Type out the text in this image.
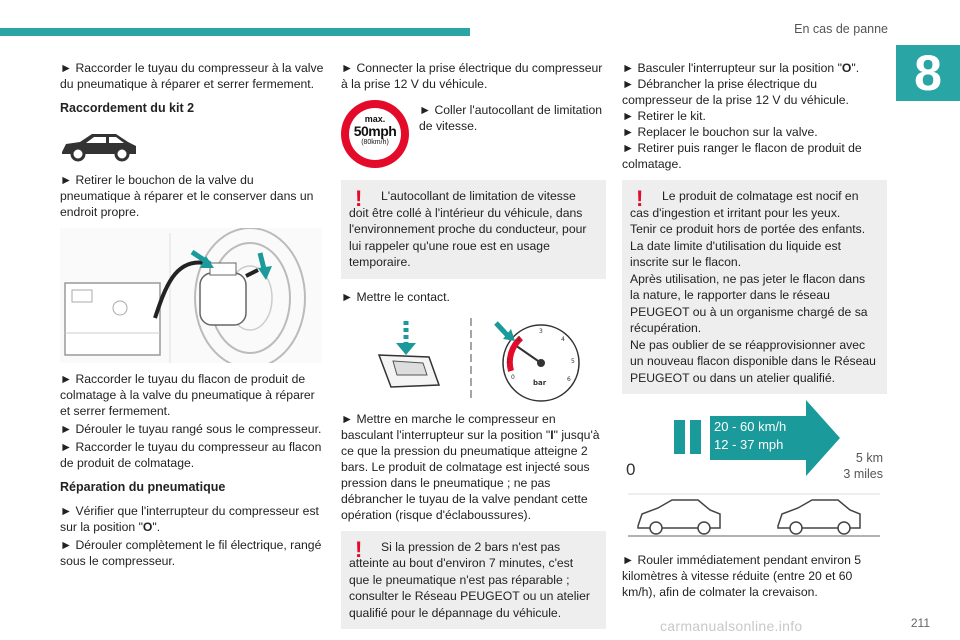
En cas de panne
8

► Raccorder le tuyau du compresseur à la valve du pneumatique à réparer et serrer fermement.

Raccordement du kit 2

► Retirer le bouchon de la valve du pneumatique à réparer et le conserver dans un endroit propre.

► Raccorder le tuyau du flacon de produit de colmatage à la valve du pneumatique à réparer et serrer fermement.

► Dérouler le tuyau rangé sous le compresseur.

► Raccorder le tuyau du compresseur au flacon de produit de colmatage.

Réparation du pneumatique

► Vérifier que l'interrupteur du compresseur est sur la position "O".

► Dérouler complètement le fil électrique, rangé sous le compresseur.

► Connecter la prise électrique du compresseur à la prise 12 V du véhicule.

max.
50mph
(80km/h)
► Coller l'autocollant de limitation de vitesse.
!	L'autocollant de limitation de vitesse doit être collé à l'intérieur du véhicule, dans l'environnement proche du conducteur, pour lui rappeler qu'une roue est en usage temporaire.

► Mettre le contact.

0
1
2
3
4
5
6
bar

► Mettre en marche le compresseur en basculant l'interrupteur sur la position "I" jusqu'à ce que la pression du pneumatique atteigne 2 bars. Le produit de colmatage est injecté sous pression dans le pneumatique ; ne pas débrancher le tuyau de la valve pendant cette opération (risque d'éclaboussures).

!	Si la pression de 2 bars n'est pas atteinte au bout d'environ 7 minutes, c'est que le pneumatique n'est pas réparable ; consulter le Réseau PEUGEOT ou un atelier qualifié pour le dépannage du véhicule.

► Basculer l'interrupteur sur la position "O".

► Débrancher la prise électrique du compresseur de la prise 12 V du véhicule.

► Retirer le kit.

► Replacer le bouchon sur la valve.

► Retirer puis ranger le flacon de produit de colmatage.

!	Le produit de colmatage est nocif en cas d'ingestion et irritant pour les yeux.
Tenir ce produit hors de portée des enfants.
La date limite d'utilisation du liquide est inscrite sur le flacon.
Après utilisation, ne pas jeter le flacon dans la nature, le rapporter dans le réseau PEUGEOT ou à un organisme chargé de sa récupération.
Ne pas oublier de se réapprovisionner avec un nouveau flacon disponible dans le Réseau PEUGEOT ou dans un atelier qualifié.
20 - 60 km/h
12 - 37 mph
0
5 km
3 miles

► Rouler immédiatement pendant environ 5 kilomètres à vitesse réduite (entre 20 et 60 km/h), afin de colmater la crevaison.

carmanualsonline.info	211
